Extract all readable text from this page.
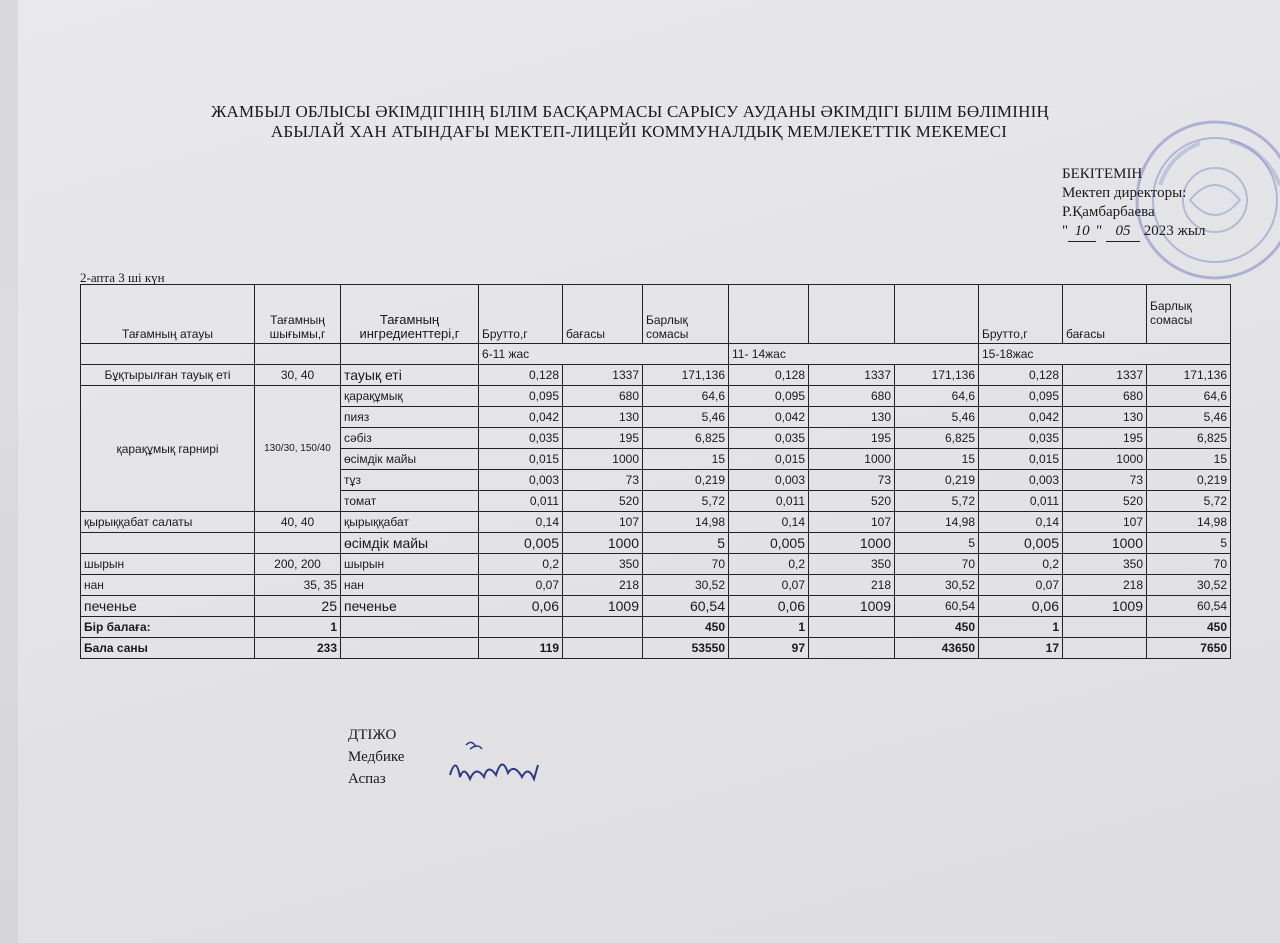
ЖАМБЫЛ ОБЛЫСЫ ӘКІМДІГІНІҢ БІЛІМ БАСҚАРМАСЫ САРЫСУ АУДАНЫ ӘКІМДІГІ БІЛІМ БӨЛІМІНІҢ
АБЫЛАЙ ХАН АТЫНДАҒЫ МЕКТЕП-ЛИЦЕЙІ КОММУНАЛДЫҚ МЕМЛЕКЕТТІК МЕКЕМЕСІ
БЕКІТЕМІН
Мектеп директоры:
Р.Қамбарбаева
" 10 " 05 2023 жыл
2-апта 3 ші күн
Тағамның атауы	Тағамның шығымы,г	Тағамның ингредиенттері,г	Брутто,г	бағасы	Барлық сомасы				Брутто,г	бағасы	Барлық сомасы
			6-11 жас			11- 14жас			15-18жас		
Бұқтырылған тауық еті	30, 40	тауық еті	0,128	1337	171,136	0,128	1337	171,136	0,128	1337	171,136
қарақұмық гарнирі	130/30, 150/40	қарақұмық	0,095	680	64,6	0,095	680	64,6	0,095	680	64,6
		пияз	0,042	130	5,46	0,042	130	5,46	0,042	130	5,46
		сәбіз	0,035	195	6,825	0,035	195	6,825	0,035	195	6,825
		өсімдік майы	0,015	1000	15	0,015	1000	15	0,015	1000	15
		тұз	0,003	73	0,219	0,003	73	0,219	0,003	73	0,219
		томат	0,011	520	5,72	0,011	520	5,72	0,011	520	5,72
қырыққабат салаты	40, 40	қырыққабат	0,14	107	14,98	0,14	107	14,98	0,14	107	14,98
		өсімдік майы	0,005	1000	5	0,005	1000	5	0,005	1000	5
шырын	200, 200	шырын	0,2	350	70	0,2	350	70	0,2	350	70
нан	35, 35	нан	0,07	218	30,52	0,07	218	30,52	0,07	218	30,52
печенье	25	печенье	0,06	1009	60,54	0,06	1009	60,54	0,06	1009	60,54
Бір балаға:	1				450	1		450	1		450
Бала саны	233		119		53550	97		43650	17		7650
ДТІЖО
Медбике
Аспаз
